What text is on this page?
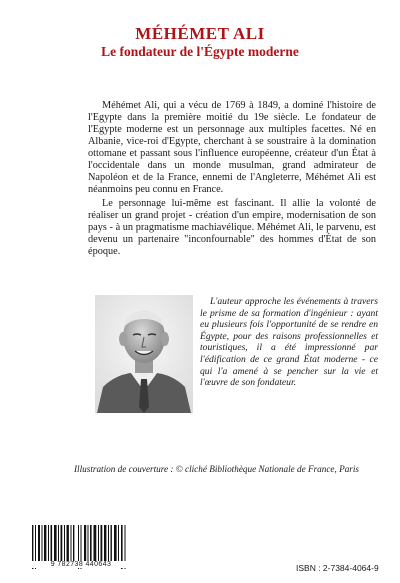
MÉHÉMET ALI
Le fondateur de l'Égypte moderne

Méhémet Ali, qui a vécu de 1769 à 1849, a dominé l'histoire de l'Egypte dans la première moitié du 19e siècle. Le fondateur de l'Egypte moderne est un personnage aux multiples facettes. Né en Albanie, vice-roi d'Egypte, cherchant à se soustraire à la domination ottomane et passant sous l'influence européenne, créateur d'un État à l'occidentale dans un monde musulman, grand admirateur de Napoléon et de la France, ennemi de l'Angleterre, Méhémet Ali est néanmoins peu connu en France.

Le personnage lui-même est fascinant. Il allie la volonté de réaliser un grand projet - création d'un empire, modernisation de son pays - à un pragmatisme machiavélique. Méhémet Ali, le parvenu, est devenu un partenaire "inconfournable" des hommes d'État de son époque.

L'auteur approche les événements à travers le prisme de sa formation d'ingénieur : ayant eu plusieurs fois l'opportunité de se rendre en Égypte, pour des raisons professionnelles et touristiques, il a été impressionné par l'édification de ce grand État moderne - ce qui l'a amené à se pencher sur la vie et l'œuvre de son fondateur.

Illustration de couverture : © cliché Bibliothèque Nationale de France, Paris
9 782738 440643	ISBN : 2-7384-4064-9
